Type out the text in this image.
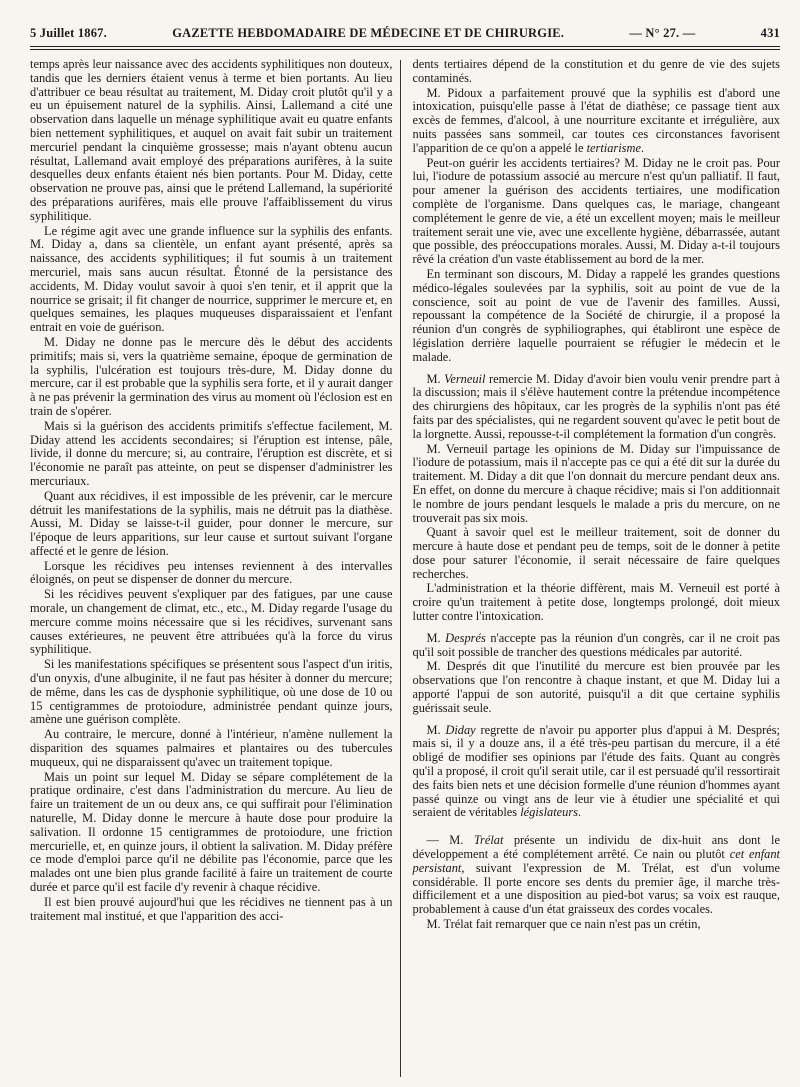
5 Juillet 1867.	GAZETTE HEBDOMADAIRE DE MÉDECINE ET DE CHIRURGIE.	— N° 27. —	431

temps après leur naissance avec des accidents syphilitiques non douteux, tandis que les derniers étaient venus à terme et bien portants. Au lieu d'attribuer ce beau résultat au traitement, M. Diday croit plutôt qu'il y a eu un épuisement naturel de la syphilis. Ainsi, Lallemand a cité une observation dans laquelle un ménage syphilitique avait eu quatre enfants bien nettement syphilitiques, et auquel on avait fait subir un traitement mercuriel pendant la cinquième grossesse; mais n'ayant obtenu aucun résultat, Lallemand avait employé des préparations aurifères, à la suite desquelles deux enfants étaient nés bien portants. Pour M. Diday, cette observation ne prouve pas, ainsi que le prétend Lallemand, la supériorité des préparations aurifères, mais elle prouve l'affaiblissement du virus syphilitique.

Le régime agit avec une grande influence sur la syphilis des enfants. M. Diday a, dans sa clientèle, un enfant ayant présenté, après sa naissance, des accidents syphilitiques; il fut soumis à un traitement mercuriel, mais sans aucun résultat. Étonné de la persistance des accidents, M. Diday voulut savoir à quoi s'en tenir, et il apprit que la nourrice se grisait; il fit changer de nourrice, supprimer le mercure et, en quelques semaines, les plaques muqueuses disparaissaient et l'enfant entrait en voie de guérison.

M. Diday ne donne pas le mercure dès le début des accidents primitifs; mais si, vers la quatrième semaine, époque de germination de la syphilis, l'ulcération est toujours très-dure, M. Diday donne du mercure, car il est probable que la syphilis sera forte, et il y aurait danger à ne pas prévenir la germination des virus au moment où l'éclosion est en train de s'opérer.

Mais si la guérison des accidents primitifs s'effectue facilement, M. Diday attend les accidents secondaires; si l'éruption est intense, pâle, livide, il donne du mercure; si, au contraire, l'éruption est discrète, et si l'économie ne paraît pas atteinte, on peut se dispenser d'administrer les mercuriaux.

Quant aux récidives, il est impossible de les prévenir, car le mercure détruit les manifestations de la syphilis, mais ne détruit pas la diathèse. Aussi, M. Diday se laisse-t-il guider, pour donner le mercure, sur l'époque de leurs apparitions, sur leur cause et surtout suivant l'organe affecté et le genre de lésion.

Lorsque les récidives peu intenses reviennent à des intervalles éloignés, on peut se dispenser de donner du mercure.

Si les récidives peuvent s'expliquer par des fatigues, par une cause morale, un changement de climat, etc., etc., M. Diday regarde l'usage du mercure comme moins nécessaire que si les récidives, survenant sans causes extérieures, ne peuvent être attribuées qu'à la force du virus syphilitique.

Si les manifestations spécifiques se présentent sous l'aspect d'un iritis, d'un onyxis, d'une albuginite, il ne faut pas hésiter à donner du mercure; de même, dans les cas de dysphonie syphilitique, où une dose de 10 ou 15 centigrammes de protoiodure, administrée pendant quinze jours, amène une guérison complète.

Au contraire, le mercure, donné à l'intérieur, n'amène nullement la disparition des squames palmaires et plantaires ou des tubercules muqueux, qui ne disparaissent qu'avec un traitement topique.

Mais un point sur lequel M. Diday se sépare complétement de la pratique ordinaire, c'est dans l'administration du mercure. Au lieu de faire un traitement de un ou deux ans, ce qui suffirait pour l'élimination naturelle, M. Diday donne le mercure à haute dose pour produire la salivation. Il ordonne 15 centigrammes de protoiodure, une friction mercurielle, et, en quinze jours, il obtient la salivation. M. Diday préfère ce mode d'emploi parce qu'il ne débilite pas l'économie, parce que les malades ont une bien plus grande facilité à faire un traitement de courte durée et parce qu'il est facile d'y revenir à chaque récidive.

Il est bien prouvé aujourd'hui que les récidives ne tiennent pas à un traitement mal institué, et que l'apparition des acci-

dents tertiaires dépend de la constitution et du genre de vie des sujets contaminés.

M. Pidoux a parfaitement prouvé que la syphilis est d'abord une intoxication, puisqu'elle passe à l'état de diathèse; ce passage tient aux excès de femmes, d'alcool, à une nourriture excitante et irrégulière, aux nuits passées sans sommeil, car toutes ces circonstances favorisent l'apparition de ce qu'on a appelé le tertiarisme.

Peut-on guérir les accidents tertiaires? M. Diday ne le croit pas. Pour lui, l'iodure de potassium associé au mercure n'est qu'un palliatif. Il faut, pour amener la guérison des accidents tertiaires, une modification complète de l'organisme. Dans quelques cas, le mariage, changeant complétement le genre de vie, a été un excellent moyen; mais le meilleur traitement serait une vie, avec une excellente hygiène, débarrassée, autant que possible, des préoccupations morales. Aussi, M. Diday a-t-il toujours rêvé la création d'un vaste établissement au bord de la mer.

En terminant son discours, M. Diday a rappelé les grandes questions médico-légales soulevées par la syphilis, soit au point de vue de la conscience, soit au point de vue de l'avenir des familles. Aussi, repoussant la compétence de la Société de chirurgie, il a proposé la réunion d'un congrès de syphiliographes, qui établiront une espèce de législation derrière laquelle pourraient se réfugier le médecin et le malade.

M. Verneuil remercie M. Diday d'avoir bien voulu venir prendre part à la discussion; mais il s'élève hautement contre la prétendue incompétence des chirurgiens des hôpitaux, car les progrès de la syphilis n'ont pas été faits par des spécialistes, qui ne regardent souvent qu'avec le petit bout de la lorgnette. Aussi, repousse-t-il complétement la formation d'un congrès.

M. Verneuil partage les opinions de M. Diday sur l'impuissance de l'iodure de potassium, mais il n'accepte pas ce qui a été dit sur la durée du traitement. M. Diday a dit que l'on donnait du mercure pendant deux ans. En effet, on donne du mercure à chaque récidive; mais si l'on additionnait le nombre de jours pendant lesquels le malade a pris du mercure, on ne trouverait pas six mois.

Quant à savoir quel est le meilleur traitement, soit de donner du mercure à haute dose et pendant peu de temps, soit de le donner à petite dose pour saturer l'économie, il serait nécessaire de faire quelques recherches.

L'administration et la théorie diffèrent, mais M. Verneuil est porté à croire qu'un traitement à petite dose, longtemps prolongé, doit mieux lutter contre l'intoxication.

M. Després n'accepte pas la réunion d'un congrès, car il ne croit pas qu'il soit possible de trancher des questions médicales par autorité.

M. Després dit que l'inutilité du mercure est bien prouvée par les observations que l'on rencontre à chaque instant, et que M. Diday lui a apporté l'appui de son autorité, puisqu'il a dit que certaine syphilis guérissait seule.

M. Diday regrette de n'avoir pu apporter plus d'appui à M. Després; mais si, il y a douze ans, il a été très-peu partisan du mercure, il a été obligé de modifier ses opinions par l'étude des faits. Quant au congrès qu'il a proposé, il croit qu'il serait utile, car il est persuadé qu'il ressortirait des faits bien nets et une décision formelle d'une réunion d'hommes ayant passé quinze ou vingt ans de leur vie à étudier une spécialité et qui seraient de véritables législateurs.

— M. Trélat présente un individu de dix-huit ans dont le développement a été complétement arrêté. Ce nain ou plutôt cet enfant persistant, suivant l'expression de M. Trélat, est d'un volume considérable. Il porte encore ses dents du premier âge, il marche très-difficilement et a une disposition au pied-bot varus; sa voix est rauque, probablement à cause d'un état graisseux des cordes vocales.

M. Trélat fait remarquer que ce nain n'est pas un crétin,
